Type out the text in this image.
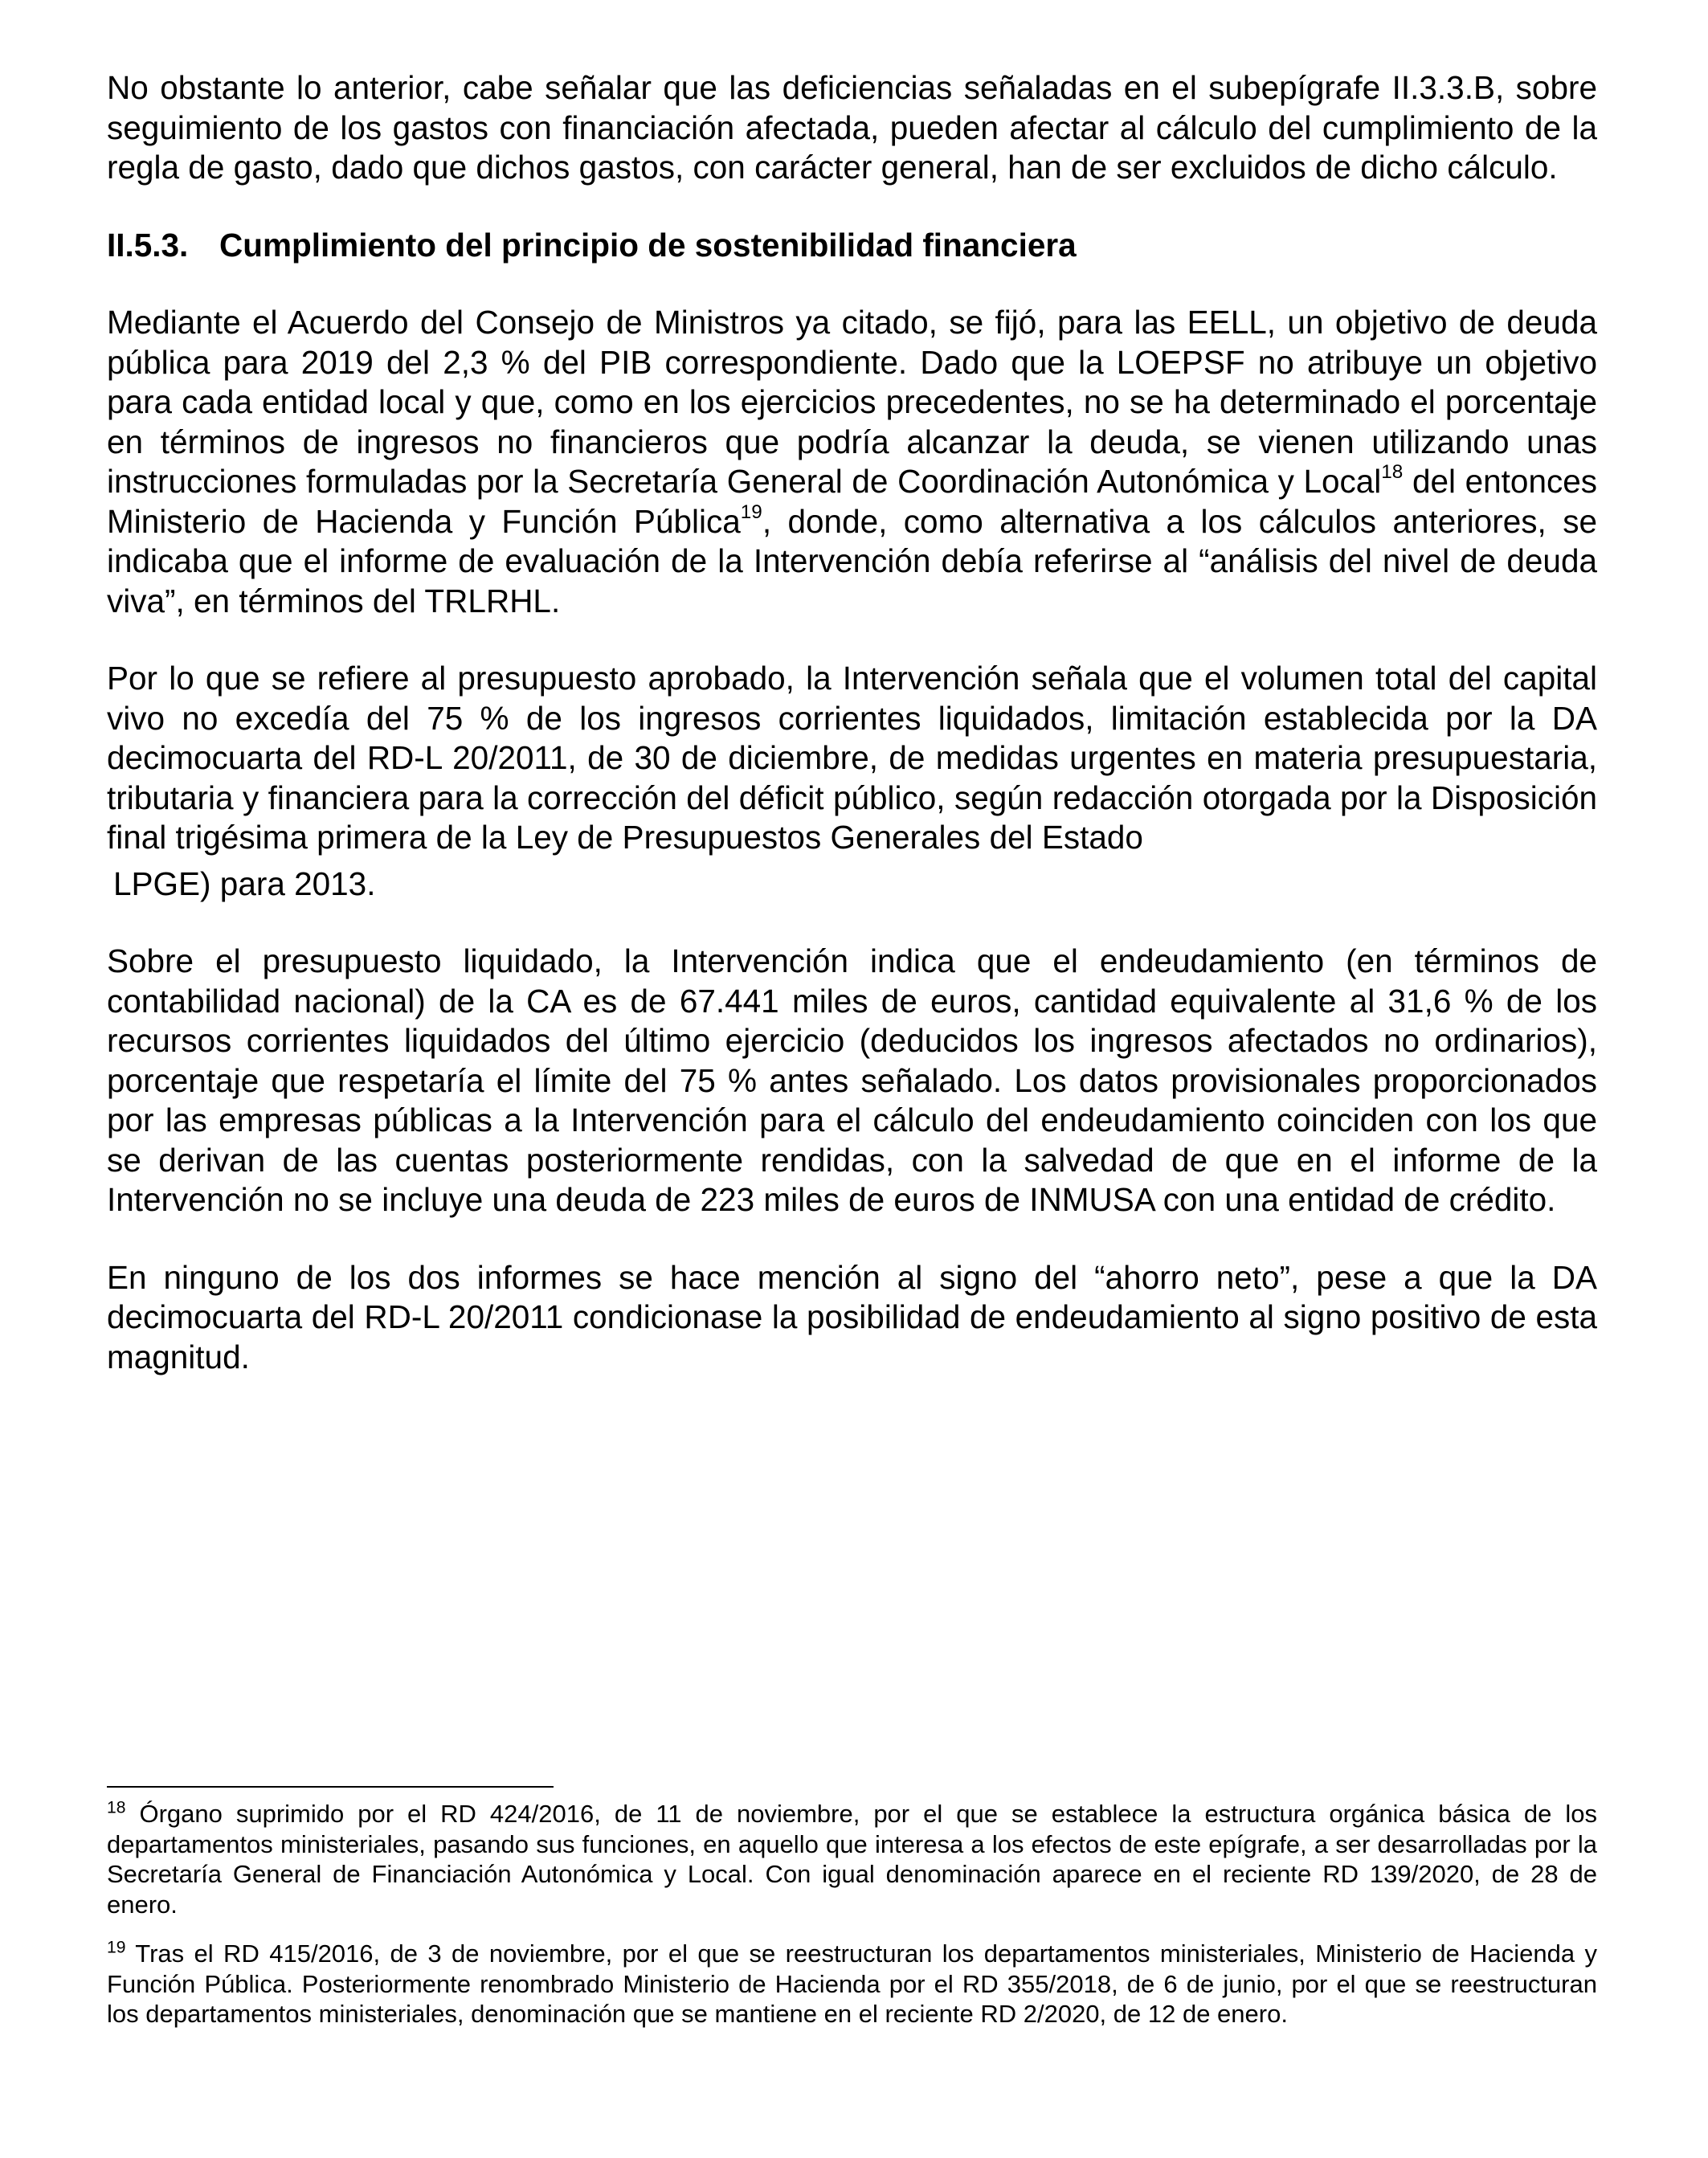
No obstante lo anterior, cabe señalar que las deficiencias señaladas en el subepígrafe II.3.3.B, sobre seguimiento de los gastos con financiación afectada, pueden afectar al cálculo del cumplimiento de la regla de gasto, dado que dichos gastos, con carácter general, han de ser excluidos de dicho cálculo.

II.5.3. Cumplimiento del principio de sostenibilidad financiera

Mediante el Acuerdo del Consejo de Ministros ya citado, se fijó, para las EELL, un objetivo de deuda pública para 2019 del 2,3 % del PIB correspondiente. Dado que la LOEPSF no atribuye un objetivo para cada entidad local y que, como en los ejercicios precedentes, no se ha determinado el porcentaje en términos de ingresos no financieros que podría alcanzar la deuda, se vienen utilizando unas instrucciones formuladas por la Secretaría General de Coordinación Autonómica y Local$^{18}$ del entonces Ministerio de Hacienda y Función Pública$^{19}$, donde, como alternativa a los cálculos anteriores, se indicaba que el informe de evaluación de la Intervención debía referirse al “análisis del nivel de deuda viva”, en términos del TRLRHL.

Por lo que se refiere al presupuesto aprobado, la Intervención señala que el volumen total del capital vivo no excedía del 75 % de los ingresos corrientes liquidados, limitación establecida por la DA decimocuarta del RD-L 20/2011, de 30 de diciembre, de medidas urgentes en materia presupuestaria, tributaria y financiera para la corrección del déficit público, según redacción otorgada por la Disposición final trigésima primera de la Ley de Presupuestos Generales del Estado
LPGE) para 2013.

Sobre el presupuesto liquidado, la Intervención indica que el endeudamiento (en términos de contabilidad nacional) de la CA es de 67.441 miles de euros, cantidad equivalente al 31,6 % de los recursos corrientes liquidados del último ejercicio (deducidos los ingresos afectados no ordinarios), porcentaje que respetaría el límite del 75 % antes señalado. Los datos provisionales proporcionados por las empresas públicas a la Intervención para el cálculo del endeudamiento coinciden con los que se derivan de las cuentas posteriormente rendidas, con la salvedad de que en el informe de la Intervención no se incluye una deuda de 223 miles de euros de INMUSA con una entidad de crédito.

En ninguno de los dos informes se hace mención al signo del “ahorro neto”, pese a que la DA decimocuarta del RD-L 20/2011 condicionase la posibilidad de endeudamiento al signo positivo de esta magnitud.

$^{18}$ Órgano suprimido por el RD 424/2016, de 11 de noviembre, por el que se establece la estructura orgánica básica de los departamentos ministeriales, pasando sus funciones, en aquello que interesa a los efectos de este epígrafe, a ser desarrolladas por la Secretaría General de Financiación Autonómica y Local. Con igual denominación aparece en el reciente RD 139/2020, de 28 de enero.

$^{19}$ Tras el RD 415/2016, de 3 de noviembre, por el que se reestructuran los departamentos ministeriales, Ministerio de Hacienda y Función Pública. Posteriormente renombrado Ministerio de Hacienda por el RD 355/2018, de 6 de junio, por el que se reestructuran los departamentos ministeriales, denominación que se mantiene en el reciente RD 2/2020, de 12 de enero.
